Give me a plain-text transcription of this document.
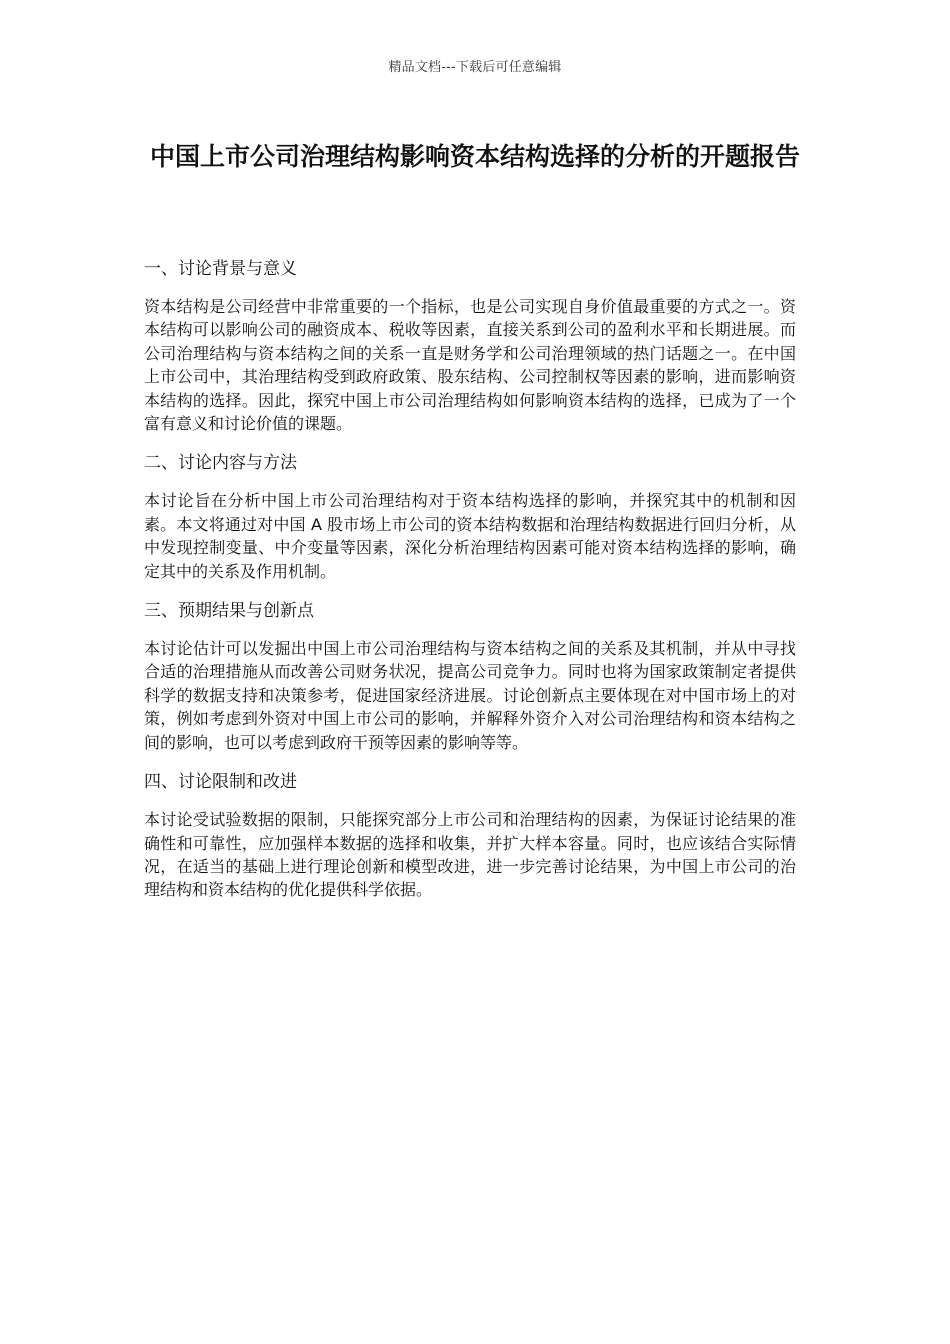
精品文档---下载后可任意编辑
中国上市公司治理结构影响资本结构选择的分析的开题报告
一、讨论背景与意义
资本结构是公司经营中非常重要的一个指标，也是公司实现自身价值最重要的方式之一。资本结构可以影响公司的融资成本、税收等因素，直接关系到公司的盈利水平和长期进展。而公司治理结构与资本结构之间的关系一直是财务学和公司治理领域的热门话题之一。在中国上市公司中，其治理结构受到政府政策、股东结构、公司控制权等因素的影响，进而影响资本结构的选择。因此，探究中国上市公司治理结构如何影响资本结构的选择，已成为了一个富有意义和讨论价值的课题。
二、讨论内容与方法
本讨论旨在分析中国上市公司治理结构对于资本结构选择的影响，并探究其中的机制和因素。本文将通过对中国 A 股市场上市公司的资本结构数据和治理结构数据进行回归分析，从中发现控制变量、中介变量等因素，深化分析治理结构因素可能对资本结构选择的影响，确定其中的关系及作用机制。
三、预期结果与创新点
本讨论估计可以发掘出中国上市公司治理结构与资本结构之间的关系及其机制，并从中寻找合适的治理措施从而改善公司财务状况，提高公司竞争力。同时也将为国家政策制定者提供科学的数据支持和决策参考，促进国家经济进展。讨论创新点主要体现在对中国市场上的对策，例如考虑到外资对中国上市公司的影响，并解释外资介入对公司治理结构和资本结构之间的影响，也可以考虑到政府干预等因素的影响等等。
四、讨论限制和改进
本讨论受试验数据的限制，只能探究部分上市公司和治理结构的因素，为保证讨论结果的准确性和可靠性，应加强样本数据的选择和收集，并扩大样本容量。同时，也应该结合实际情况，在适当的基础上进行理论创新和模型改进，进一步完善讨论结果，为中国上市公司的治理结构和资本结构的优化提供科学依据。
